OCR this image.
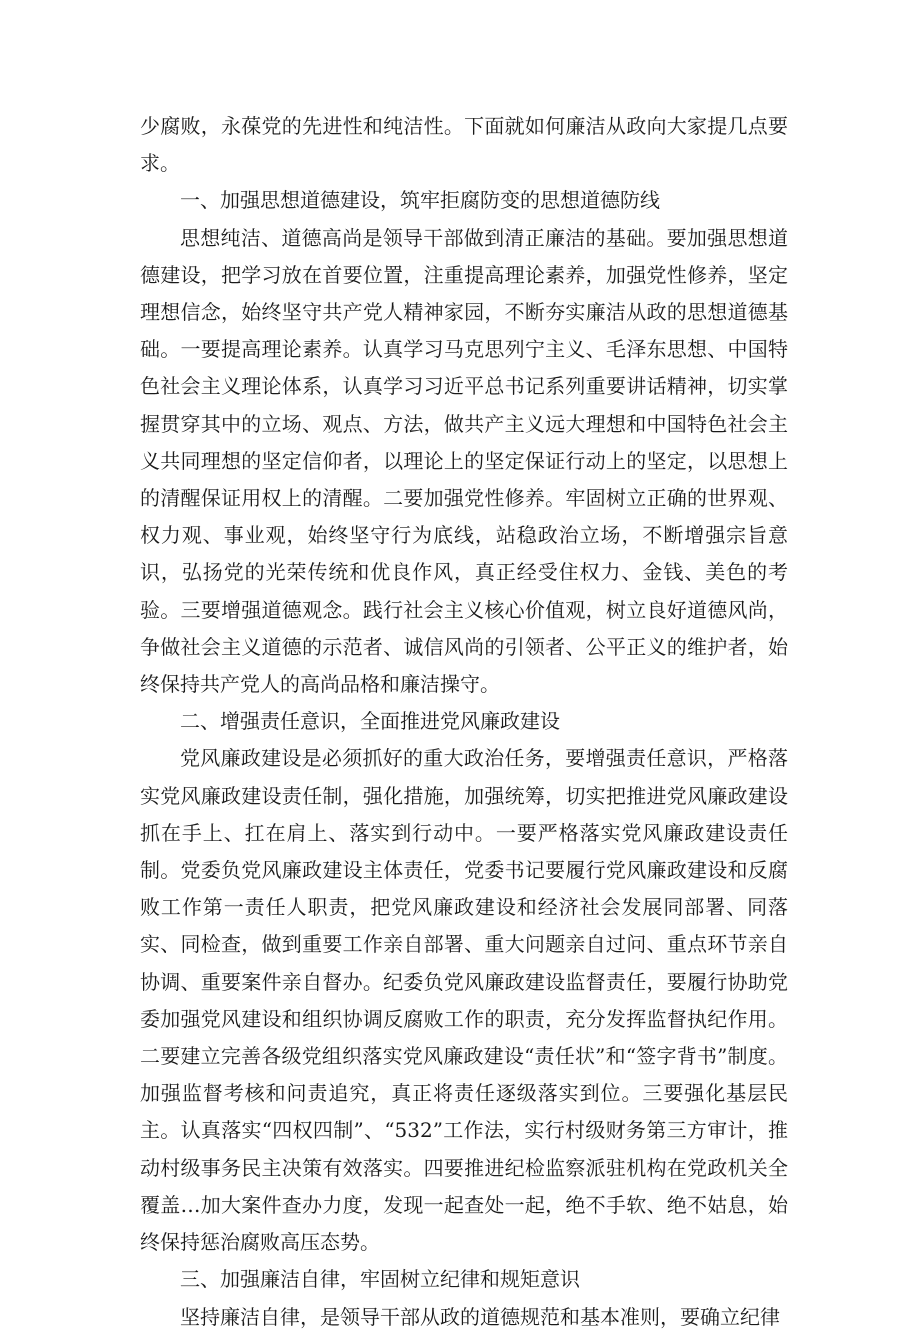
少腐败，永葆党的先进性和纯洁性。下面就如何廉洁从政向大家提几点要求。

一、加强思想道德建设，筑牢拒腐防变的思想道德防线

思想纯洁、道德高尚是领导干部做到清正廉洁的基础。要加强思想道德建设，把学习放在首要位置，注重提高理论素养，加强党性修养，坚定理想信念，始终坚守共产党人精神家园，不断夯实廉洁从政的思想道德基础。一要提高理论素养。认真学习马克思列宁主义、毛泽东思想、中国特色社会主义理论体系，认真学习习近平总书记系列重要讲话精神，切实掌握贯穿其中的立场、观点、方法，做共产主义远大理想和中国特色社会主义共同理想的坚定信仰者，以理论上的坚定保证行动上的坚定，以思想上的清醒保证用权上的清醒。二要加强党性修养。牢固树立正确的世界观、权力观、事业观，始终坚守行为底线，站稳政治立场，不断增强宗旨意识，弘扬党的光荣传统和优良作风，真正经受住权力、金钱、美色的考验。三要增强道德观念。践行社会主义核心价值观，树立良好道德风尚，争做社会主义道德的示范者、诚信风尚的引领者、公平正义的维护者，始终保持共产党人的高尚品格和廉洁操守。

二、增强责任意识，全面推进党风廉政建设

党风廉政建设是必须抓好的重大政治任务，要增强责任意识，严格落实党风廉政建设责任制，强化措施，加强统筹，切实把推进党风廉政建设抓在手上、扛在肩上、落实到行动中。一要严格落实党风廉政建设责任制。党委负党风廉政建设主体责任，党委书记要履行党风廉政建设和反腐败工作第一责任人职责，把党风廉政建设和经济社会发展同部署、同落实、同检查，做到重要工作亲自部署、重大问题亲自过问、重点环节亲自协调、重要案件亲自督办。纪委负党风廉政建设监督责任，要履行协助党委加强党风建设和组织协调反腐败工作的职责，充分发挥监督执纪作用。二要建立完善各级党组织落实党风廉政建设“责任状”和“签字背书”制度。加强监督考核和问责追究，真正将责任逐级落实到位。三要强化基层民主。认真落实“四权四制”、“532”工作法，实行村级财务第三方审计，推动村级事务民主决策有效落实。四要推进纪检监察派驻机构在党政机关全覆盖…加大案件查办力度，发现一起查处一起，绝不手软、绝不姑息，始终保持惩治腐败高压态势。

三、加强廉洁自律，牢固树立纪律和规矩意识

坚持廉洁自律，是领导干部从政的道德规范和基本准则，要确立纪律
